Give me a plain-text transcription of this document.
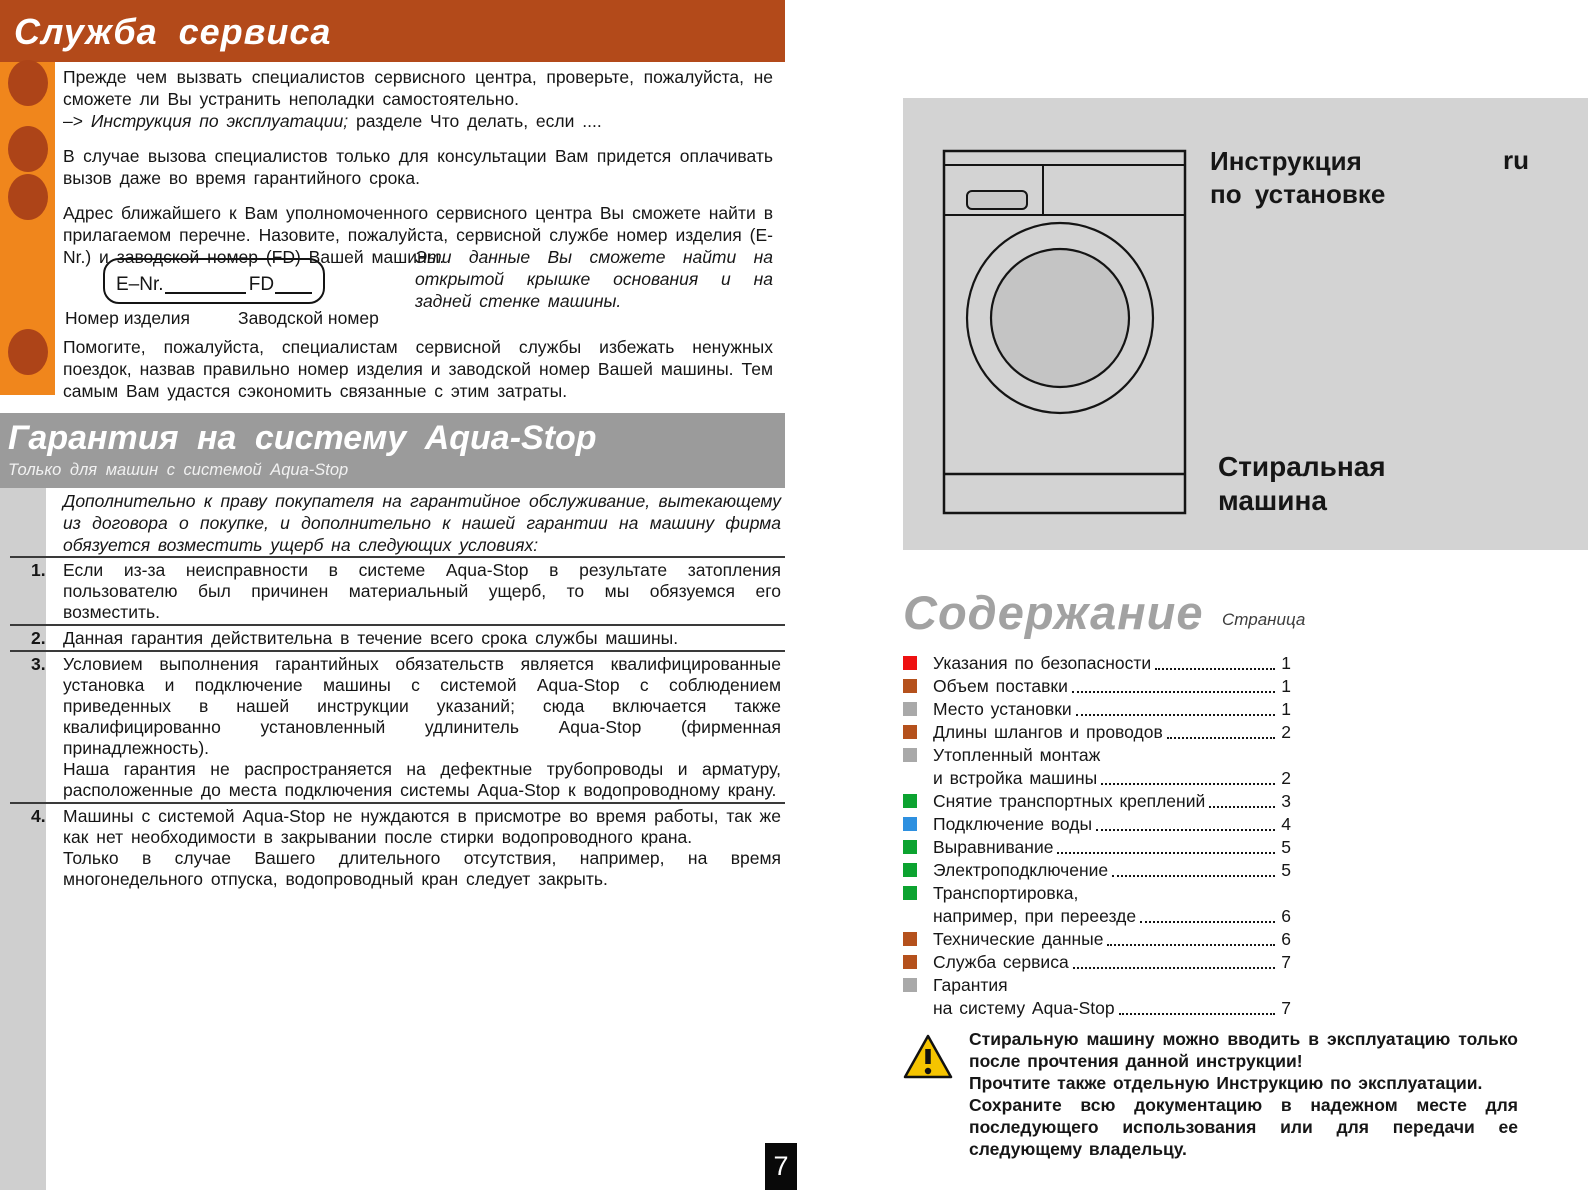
Служба сервиса
Прежде чем вызвать специалистов сервисного центра, проверьте, пожалуйста, не сможете ли Вы устранить неполадки самостоятельно.
–> Инструкция по эксплуатации; разделе Что делать, если ....
В случае вызова специалистов только для консультации Вам придется оплачивать вызов даже во время гарантийного срока.
Адрес ближайшего к Вам уполномоченного сервисного центра Вы сможете найти в прилагаемом перечне. Назовите, пожалуйста, сервисной службе номер изделия (E-Nr.) и заводской номер (FD) Вашей машины.
E–Nr.	FD
Номер изделия	Заводской номер
Эти данные Вы сможете найти на открытой крышке основания и на задней стенке машины.
Помогите, пожалуйста, специалистам сервисной службы избежать ненужных поездок, назвав правильно номер изделия и заводской номер Вашей машины. Тем самым Вам удастся сэкономить связанные с этим затраты.
Гарантия на систему Aqua-Stop
Только для машин с системой Aqua-Stop
Дополнительно к праву покупателя на гарантийное обслуживание, вытекающему из договора о покупке, и дополнительно к нашей гарантии на машину фирма обязуется возместить ущерб на следующих условиях:
1. Если из-за неисправности в системе Aqua-Stop в результате затопления пользователю был причинен материальный ущерб, то мы обязуемся его возместить.
2. Данная гарантия действительна в течение всего срока службы машины.
3. Условием выполнения гарантийных обязательств является квалифицированные установка и подключение машины с системой Aqua-Stop с соблюдением приведенных в нашей инструкции указаний; сюда включается также квалифицированно установленный удлинитель Aqua-Stop (фирменная принадлежность).
Наша гарантия не распространяется на дефектные трубопроводы и арматуру, расположенные до места подключения системы Aqua-Stop к водопроводному крану.
4. Машины с системой Aqua-Stop не нуждаются в присмотре во время работы, так же как нет необходимости в закрывании после стирки водопроводного крана.
Только в случае Вашего длительного отсутствия, например, на время многонедельного отпуска, водопроводный кран следует закрыть.
Инструкция
по установке
ru
Стиральная
машина
Содержание Страница
Указания по безопасности	1
Объем поставки	1
Место установки	1
Длины шлангов и проводов	2
Утопленный монтаж
и встройка машины	2
Снятие транспортных креплений	3
Подключение воды	4
Выравнивание	5
Электроподключение	5
Транспортировка,
например, при переезде	6
Технические данные	6
Служба сервиса	7
Гарантия
на систему Aqua-Stop	7
Стиральную машину можно вводить в эксплуатацию только после прочтения данной инструкции!
Прочтите также отдельную Инструкцию по эксплуатации.
Сохраните всю документацию в надежном месте для последующего использования или для передачи ее следующему владельцу.
7
